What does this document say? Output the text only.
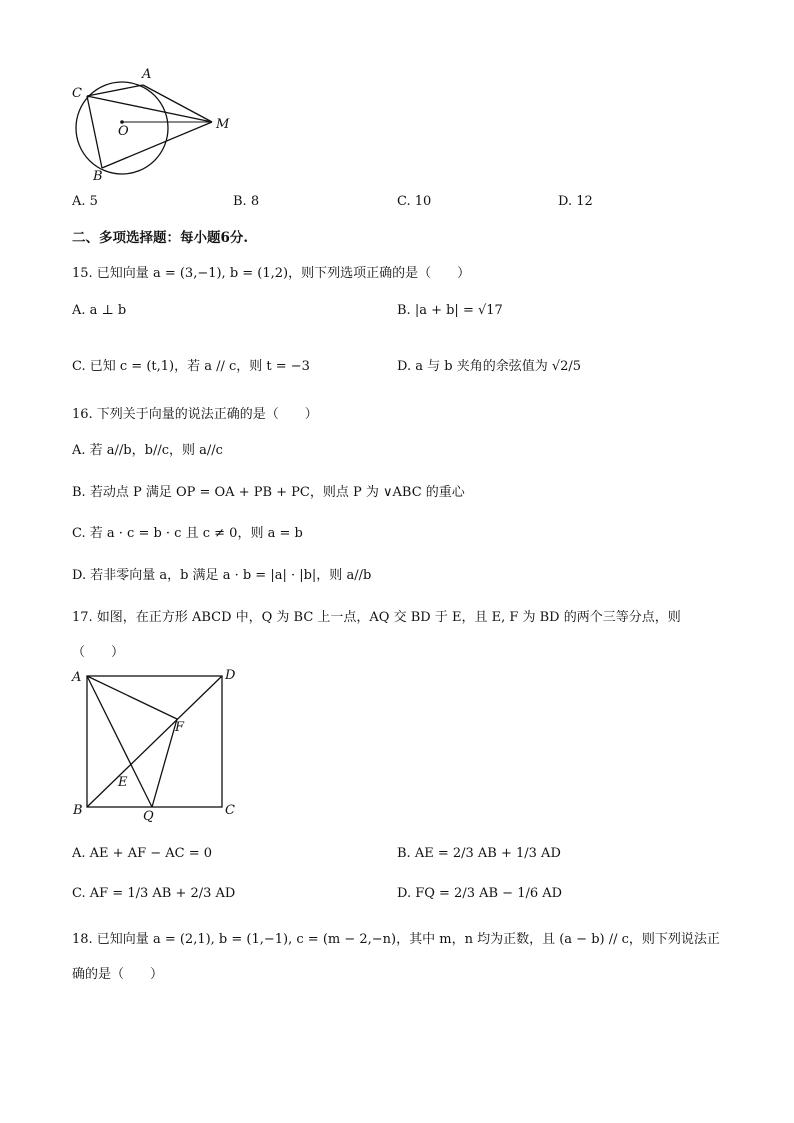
A
C
O	M
B
A. 5	B. 8	C. 10	D. 12
二、多项选择题：每小题6分.
15. 已知向量 a = (3,−1), b = (1,2)，则下列选项正确的是（　　）
A. a ⊥ b	B. |a + b| = √17
C. 已知 c = (t,1)，若 a // c，则 t = −3	D. a 与 b 夹角的余弦值为 √2/5
16. 下列关于向量的说法正确的是（　　）
A. 若 a//b，b//c，则 a//c
B. 若动点 P 满足 OP = OA + PB + PC，则点 P 为 ∨ABC 的重心
C. 若 a · c = b · c 且 c ≠ 0，则 a = b
D. 若非零向量 a，b 满足 a · b = |a| · |b|，则 a//b
17. 如图，在正方形 ABCD 中，Q 为 BC 上一点，AQ 交 BD 于 E，且 E, F 为 BD 的两个三等分点，则
（　　）
A	D
F
E
B	Q	C
A. AE + AF − AC = 0	B. AE = 2/3 AB + 1/3 AD
C. AF = 1/3 AB + 2/3 AD	D. FQ = 2/3 AB − 1/6 AD
18. 已知向量 a = (2,1), b = (1,−1), c = (m − 2,−n)，其中 m，n 均为正数，且 (a − b) // c，则下列说法正
确的是（　　）
